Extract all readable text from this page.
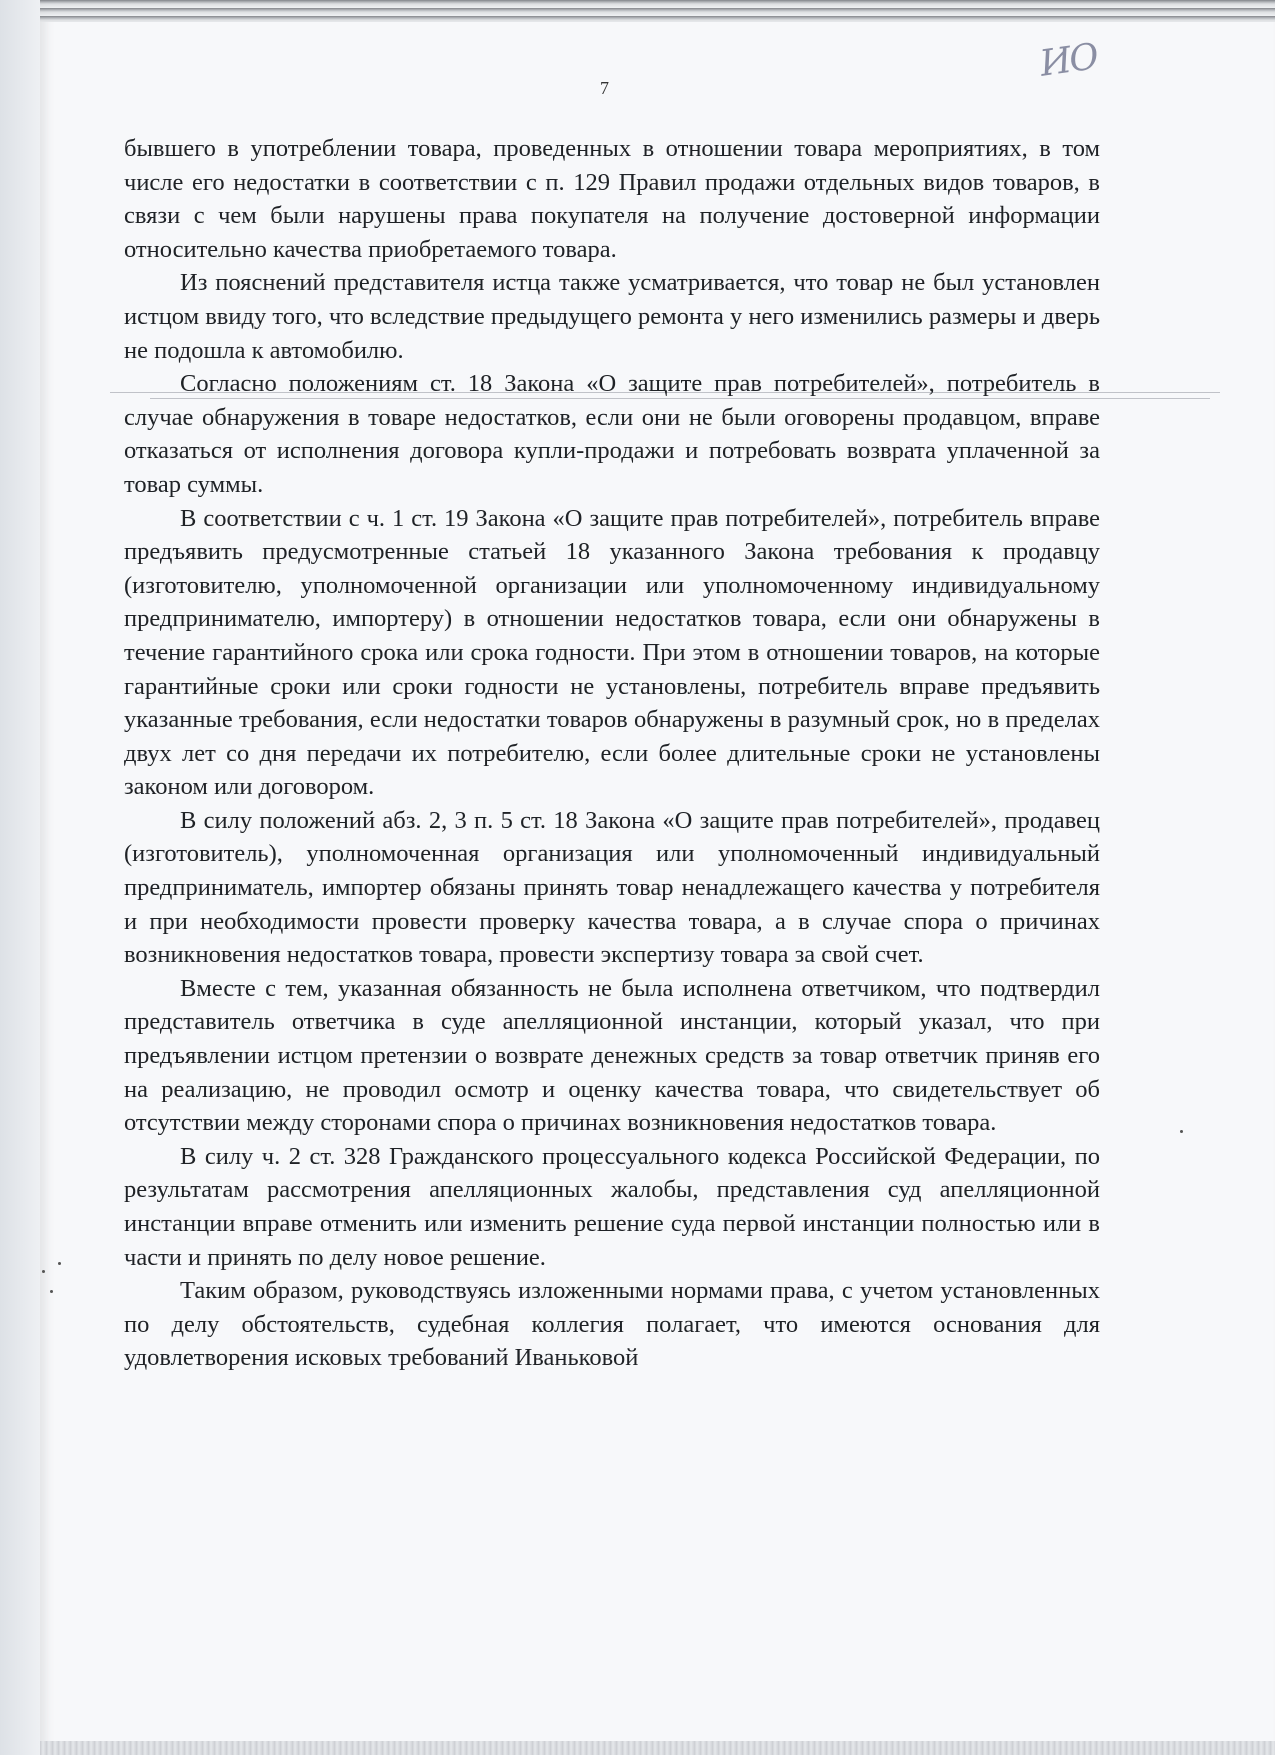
7
ИО

бывшего в употреблении товара, проведенных в отношении товара мероприятиях, в том числе его недостатки в соответствии с п. 129 Правил продажи отдельных видов товаров, в связи с чем были нарушены права покупателя на получение достоверной информации относительно качества приобретаемого товара.

Из пояснений представителя истца также усматривается, что товар не был установлен истцом ввиду того, что вследствие предыдущего ремонта у него изменились размеры и дверь не подошла к автомобилю.

Согласно положениям ст. 18 Закона «О защите прав потребителей», потребитель в случае обнаружения в товаре недостатков, если они не были оговорены продавцом, вправе отказаться от исполнения договора купли-продажи и потребовать возврата уплаченной за товар суммы.

В соответствии с ч. 1 ст. 19 Закона «О защите прав потребителей», потребитель вправе предъявить предусмотренные статьей 18 указанного Закона требования к продавцу (изготовителю, уполномоченной организации или уполномоченному индивидуальному предпринимателю, импортеру) в отношении недостатков товара, если они обнаружены в течение гарантийного срока или срока годности. При этом в отношении товаров, на которые гарантийные сроки или сроки годности не установлены, потребитель вправе предъявить указанные требования, если недостатки товаров обнаружены в разумный срок, но в пределах двух лет со дня передачи их потребителю, если более длительные сроки не установлены законом или договором.

В силу положений абз. 2, 3 п. 5 ст. 18 Закона «О защите прав потребителей», продавец (изготовитель), уполномоченная организация или уполномоченный индивидуальный предприниматель, импортер обязаны принять товар ненадлежащего качества у потребителя и при необходимости провести проверку качества товара, а в случае спора о причинах возникновения недостатков товара, провести экспертизу товара за свой счет.

Вместе с тем, указанная обязанность не была исполнена ответчиком, что подтвердил представитель ответчика в суде апелляционной инстанции, который указал, что при предъявлении истцом претензии о возврате денежных средств за товар ответчик приняв его на реализацию, не проводил осмотр и оценку качества товара, что свидетельствует об отсутствии между сторонами спора о причинах возникновения недостатков товара.

В силу ч. 2 ст. 328 Гражданского процессуального кодекса Российской Федерации, по результатам рассмотрения апелляционных жалобы, представления суд апелляционной инстанции вправе отменить или изменить решение суда первой инстанции полностью или в части и принять по делу новое решение.

Таким образом, руководствуясь изложенными нормами права, с учетом установленных по делу обстоятельств, судебная коллегия полагает, что имеются основания для удовлетворения исковых требований Иваньковой
